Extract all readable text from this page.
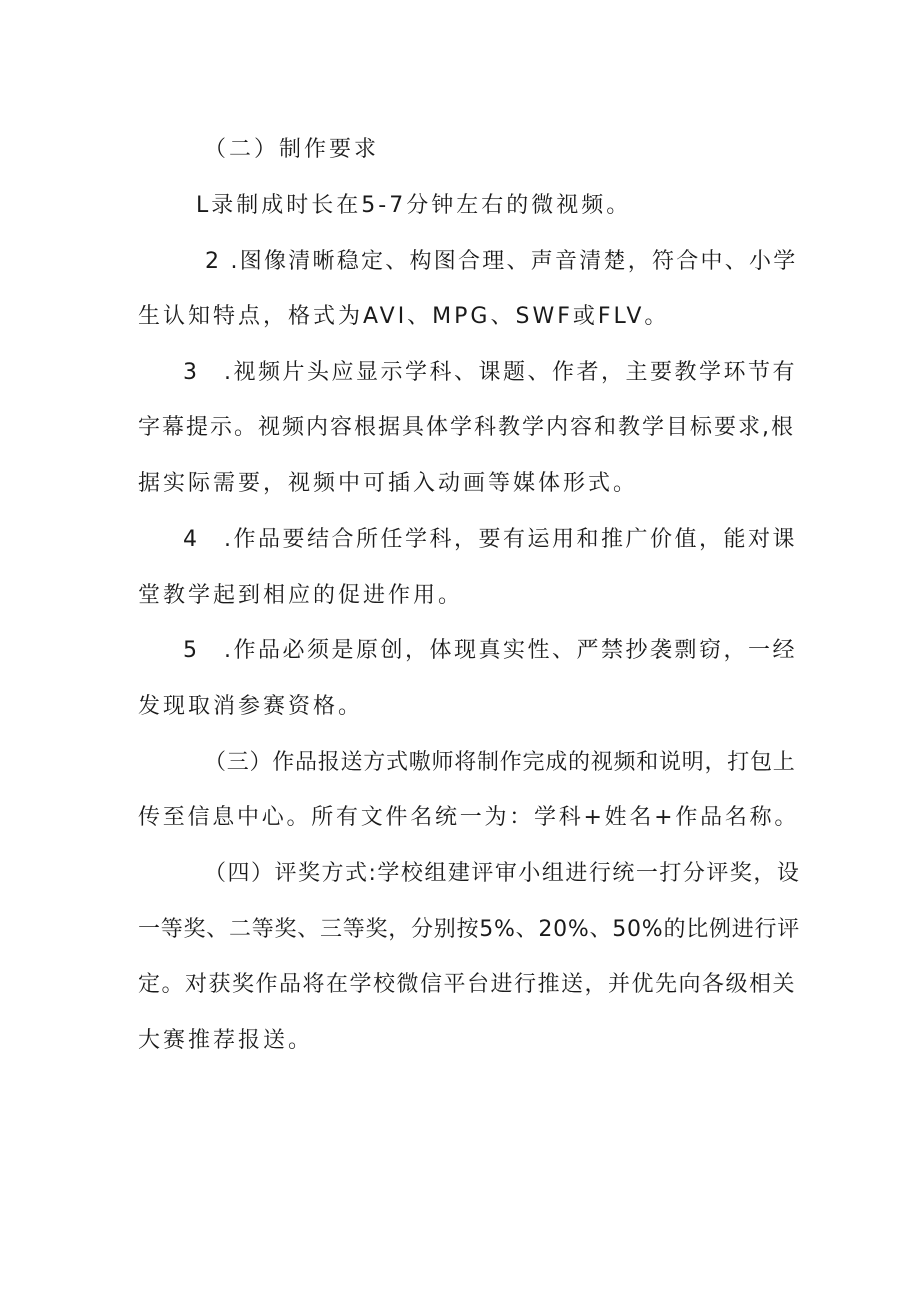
（二）制作要求
L录制成时长在5-7分钟左右的微视频。
2 .图像清晰稳定、构图合理、声音清楚，符合中、小学
生认知特点，格式为AVI、MPG、SWF或FLV。
3　.视频片头应显示学科、课题、作者，主要教学环节有
字幕提示。视频内容根据具体学科教学内容和教学目标要求,根
据实际需要，视频中可插入动画等媒体形式。
4　.作品要结合所任学科，要有运用和推广价值，能对课
堂教学起到相应的促进作用。
5　.作品必须是原创，体现真实性、严禁抄袭剽窃，一经
发现取消参赛资格。
（三）作品报送方式嗷师将制作完成的视频和说明，打包上
传至信息中心。所有文件名统一为：学科+姓名+作品名称。
（四）评奖方式:学校组建评审小组进行统一打分评奖，设
一等奖、二等奖、三等奖，分别按5%、20%、50%的比例进行评
定。对获奖作品将在学校微信平台进行推送，并优先向各级相关
大赛推荐报送。
